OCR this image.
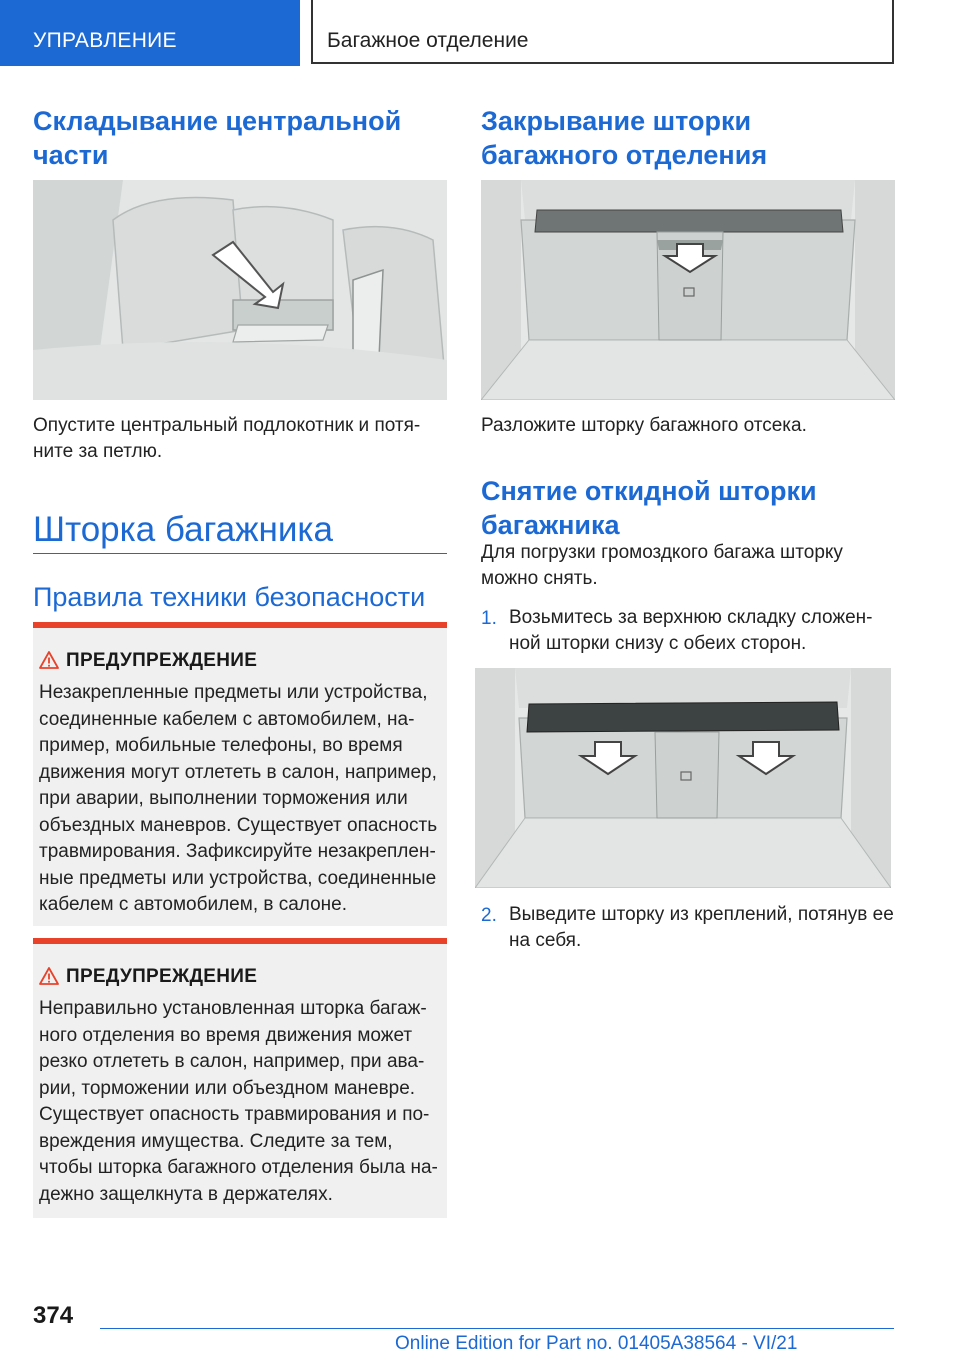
УПРАВЛЕНИЕ	Багажное отделение
Складывание центральной части

Опустите центральный подлокотник и потя-ните за петлю.

Шторка багажника
Правила техники безопасности
ПРЕДУПРЕЖДЕНИЕ

Незакрепленные предметы или устройства, соединенные кабелем с автомобилем, на-пример, мобильные телефоны, во время движения могут отлететь в салон, например, при аварии, выполнении торможения или объездных маневров. Существует опасность травмирования. Зафиксируйте незакреплен-ные предметы или устройства, соединенные кабелем с автомобилем, в салоне.

ПРЕДУПРЕЖДЕНИЕ

Неправильно установленная шторка багаж-ного отделения во время движения может резко отлететь в салон, например, при ава-рии, торможении или объездном маневре. Существует опасность травмирования и по-вреждения имущества. Следите за тем, чтобы шторка багажного отделения была на-дежно защелкнута в держателях.

Закрывание шторки багажного отделения

Разложите шторку багажного отсека.

Снятие откидной шторки багажника

Для погрузки громоздкого багажа шторку можно снять.

1. Возьмитесь за верхнюю складку сложен-ной шторки снизу с обеих сторон.

2. Выведите шторку из креплений, потянув ее на себя.

374
Online Edition for Part no. 01405A38564 - VI/21
